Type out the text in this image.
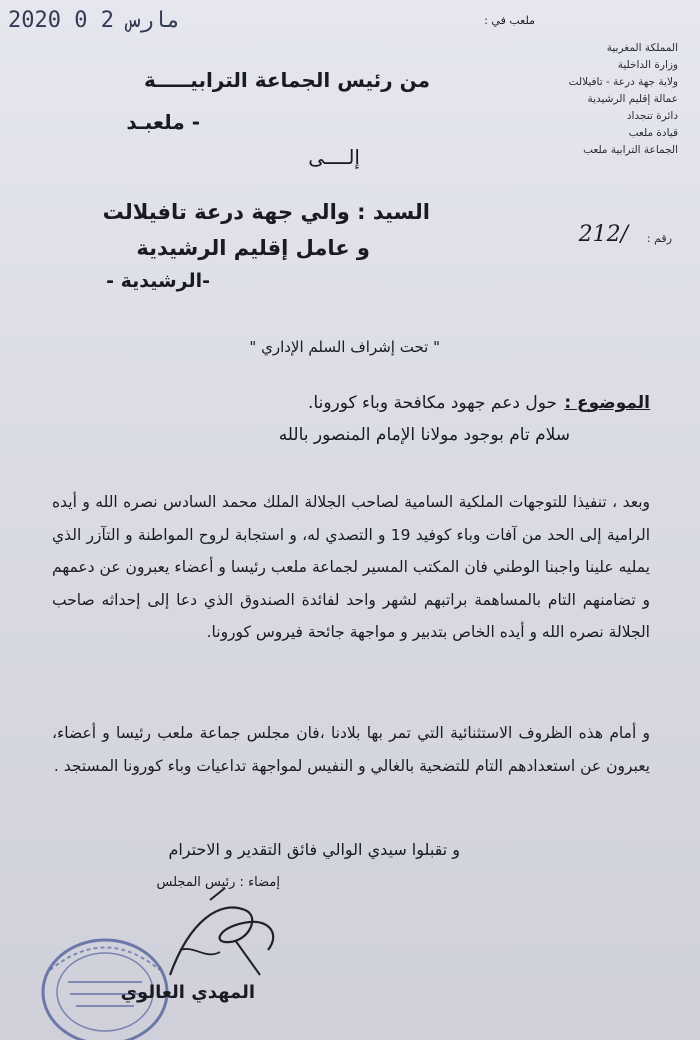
2020 مارس 2 0	ملعب في :
المملكة المغربية
وزارة الداخلية
ولاية جهة درعة - تافيلالت
عمالة إقليم الرشيدية
دائرة تنجداد
قيادة ملعب
الجماعة الترابية ملعب
رقم :
212/
من رئيس الجماعة الترابيـــــة
- ملعبـد
إلــــى
السيد : والي جهة درعة تافيلالت
و عامل إقليم الرشيدية
-الرشيدية -
" تحت إشراف السلم الإداري "
الموضوع :
حول دعم جهود مكافحة وباء كورونا.
سلام تام بوجود مولانا الإمام المنصور بالله
وبعد ، تنفيذا للتوجهات الملكية السامية لصاحب الجلالة الملك محمد السادس نصره الله و أيده الرامية إلى الحد من آفات وباء كوفيد 19 و التصدي له، و استجابة لروح المواطنة و التآزر الذي يمليه علينا واجبنا الوطني فان المكتب المسير لجماعة ملعب رئيسا و أعضاء يعبرون عن دعمهم و تضامنهم التام بالمساهمة براتبهم لشهر واحد لفائدة الصندوق الذي دعا إلى إحداثه صاحب الجلالة نصره الله و أيده الخاص بتدبير و مواجهة جائحة فيروس كورونا.
و أمام هذه الظروف الاستثنائية التي تمر بها بلادنا ،فان مجلس جماعة ملعب رئيسا و أعضاء، يعبرون عن استعدادهم التام للتضحية بالغالي و النفيس لمواجهة تداعيات وباء كورونا المستجد .
و تقبلوا سيدي الوالي فائق التقدير و الاحترام
إمضاء : رئيس المجلس
المهدي العالوي
